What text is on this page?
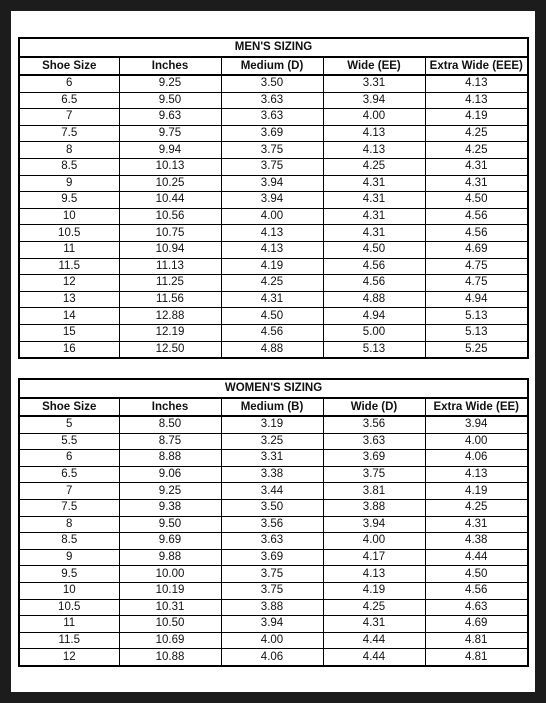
MEN'S SIZING				
Shoe Size	Inches	Medium (D)	Wide (EE)	Extra Wide (EEE)
6	9.25	3.50	3.31	4.13
6.5	9.50	3.63	3.94	4.13
7	9.63	3.63	4.00	4.19
7.5	9.75	3.69	4.13	4.25
8	9.94	3.75	4.13	4.25
8.5	10.13	3.75	4.25	4.31
9	10.25	3.94	4.31	4.31
9.5	10.44	3.94	4.31	4.50
10	10.56	4.00	4.31	4.56
10.5	10.75	4.13	4.31	4.56
11	10.94	4.13	4.50	4.69
11.5	11.13	4.19	4.56	4.75
12	11.25	4.25	4.56	4.75
13	11.56	4.31	4.88	4.94
14	12.88	4.50	4.94	5.13
15	12.19	4.56	5.00	5.13
16	12.50	4.88	5.13	5.25
WOMEN'S SIZING				
Shoe Size	Inches	Medium (B)	Wide (D)	Extra Wide (EE)
5	8.50	3.19	3.56	3.94
5.5	8.75	3.25	3.63	4.00
6	8.88	3.31	3.69	4.06
6.5	9.06	3.38	3.75	4.13
7	9.25	3.44	3.81	4.19
7.5	9.38	3.50	3.88	4.25
8	9.50	3.56	3.94	4.31
8.5	9.69	3.63	4.00	4.38
9	9.88	3.69	4.17	4.44
9.5	10.00	3.75	4.13	4.50
10	10.19	3.75	4.19	4.56
10.5	10.31	3.88	4.25	4.63
11	10.50	3.94	4.31	4.69
11.5	10.69	4.00	4.44	4.81
12	10.88	4.06	4.44	4.81
